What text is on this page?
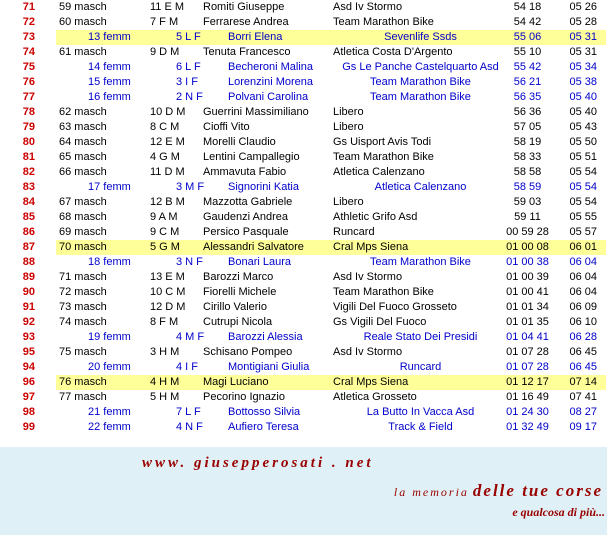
71 59 masch	11 E M	Romiti Giuseppe	Asd Iv Stormo	54 18	05 26
72 60 masch	7 F M	Ferrarese Andrea	Team Marathon Bike	54 42	05 28
73	13 femm	5 L F	Borri Elena	Sevenlife Ssds	55 06	05 31
74 61 masch	9 D M	Tenuta Francesco	Atletica Costa D'Argento	55 10	05 31
75	14 femm	6 L F	Becheroni Malina	Gs Le Panche Castelquarto Asd	55 42	05 34
76	15 femm	3 I F	Lorenzini Morena	Team Marathon Bike	56 21	05 38
77	16 femm	2 N F	Polvani Carolina	Team Marathon Bike	56 35	05 40
78 62 masch	10 D M	Guerrini Massimiliano	Libero	56 36	05 40
79 63 masch	8 C M	Cioffi Vito	Libero	57 05	05 43
80 64 masch	12 E M	Morelli Claudio	Gs Uisport Avis Todi	58 19	05 50
81 65 masch	4 G M	Lentini Campallegio	Team Marathon Bike	58 33	05 51
82 66 masch	11 D M	Ammavuta Fabio	Atletica Calenzano	58 58	05 54
83	17 femm	3 M F	Signorini Katia	Atletica Calenzano	58 59	05 54
84 67 masch	12 B M	Mazzotta Gabriele	Libero	59 03	05 54
85 68 masch	9 A M	Gaudenzi Andrea	Athletic Grifo Asd	59 11	05 55
86 69 masch	9 C M	Persico Pasquale	Runcard	00 59 28	05 57
87 70 masch	5 G M	Alessandri Salvatore	Cral Mps Siena	01 00 08	06 01
88	18 femm	3 N F	Bonari Laura	Team Marathon Bike	01 00 38	06 04
89 71 masch	13 E M	Barozzi Marco	Asd Iv Stormo	01 00 39	06 04
90 72 masch	10 C M	Fiorelli Michele	Team Marathon Bike	01 00 41	06 04
91 73 masch	12 D M	Cirillo Valerio	Vigili Del Fuoco Grosseto	01 01 34	06 09
92 74 masch	8 F M	Cutrupi Nicola	Gs Vigili Del Fuoco	01 01 35	06 10
93	19 femm	4 M F	Barozzi Alessia	Reale Stato Dei Presidi	01 04 41	06 28
95 75 masch	3 H M	Schisano Pompeo	Asd Iv Stormo	01 07 28	06 45
94	20 femm	4 I F	Montigiani Giulia	Runcard	01 07 28	06 45
96 76 masch	4 H M	Magi Luciano	Cral Mps Siena	01 12 17	07 14
97 77 masch	5 H M	Pecorino Ignazio	Atletica Grosseto	01 16 49	07 41
98	21 femm	7 L F	Bottosso Silvia	La Butto In Vacca Asd	01 24 30	08 27
99	22 femm	4 N F	Aufiero Teresa	Track & Field	01 32 49	09 17
www. giusepperosati . net
la memoria delle tue corse
e qualcosa di più...
